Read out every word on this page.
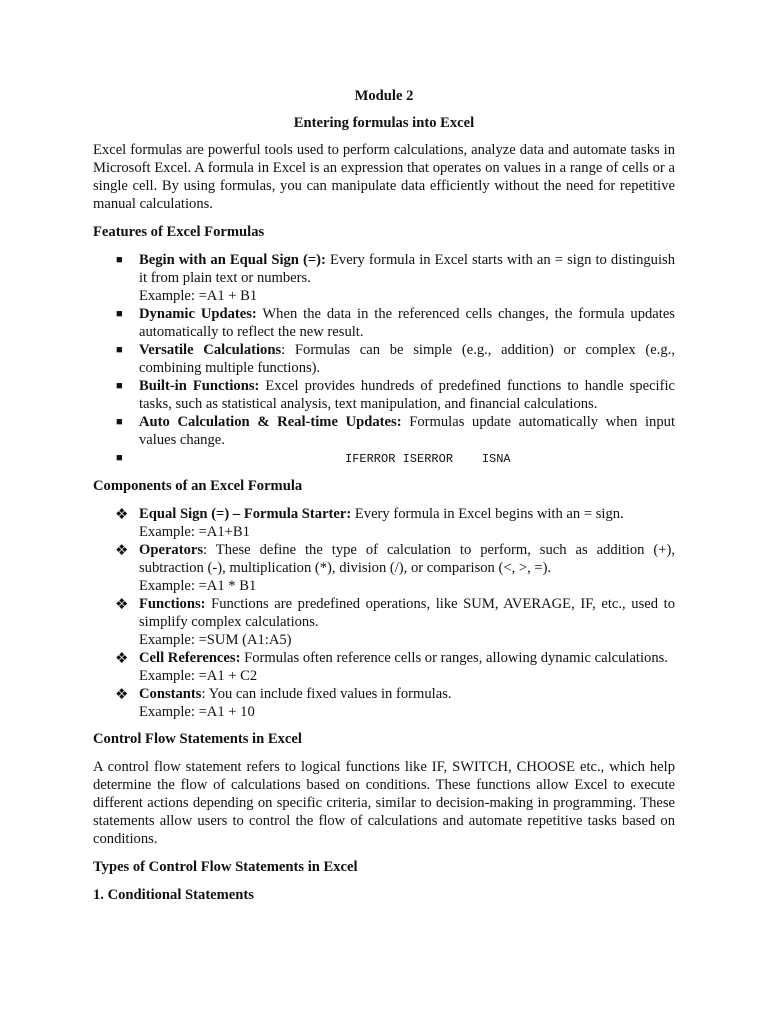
Module 2

Entering formulas into Excel

Excel formulas are powerful tools used to perform calculations, analyze data and automate tasks in Microsoft Excel. A formula in Excel is an expression that operates on values in a range of cells or a single cell. By using formulas, you can manipulate data efficiently without the need for repetitive manual calculations.

Features of Excel Formulas
■ Begin with an Equal Sign (=): Every formula in Excel starts with an = sign to distinguish it from plain text or numbers.
Example: =A1 + B1
■ Dynamic Updates: When the data in the referenced cells changes, the formula updates automatically to reflect the new result.
■ Versatile Calculations: Formulas can be simple (e.g., addition) or complex (e.g., combining multiple functions).
■ Built-in Functions: Excel provides hundreds of predefined functions to handle specific tasks, such as statistical analysis, text manipulation, and financial calculations.
■ Auto Calculation & Real-time Updates: Formulas update automatically when input values change.
■	IFERROR ISERROR    ISNA
Components of an Excel Formula
❖ Equal Sign (=) – Formula Starter: Every formula in Excel begins with an = sign.
Example: =A1+B1
❖ Operators: These define the type of calculation to perform, such as addition (+), subtraction (-), multiplication (*), division (/), or comparison (<, >, =).
Example: =A1 * B1
❖ Functions: Functions are predefined operations, like SUM, AVERAGE, IF, etc., used to simplify complex calculations.
Example: =SUM (A1:A5)
❖ Cell References: Formulas often reference cells or ranges, allowing dynamic calculations.
Example: =A1 + C2
❖ Constants: You can include fixed values in formulas.
Example: =A1 + 10
Control Flow Statements in Excel

A control flow statement refers to logical functions like IF, SWITCH, CHOOSE etc., which help determine the flow of calculations based on conditions. These functions allow Excel to execute different actions depending on specific criteria, similar to decision-making in programming. These statements allow users to control the flow of calculations and automate repetitive tasks based on conditions.

Types of Control Flow Statements in Excel
1. Conditional Statements
